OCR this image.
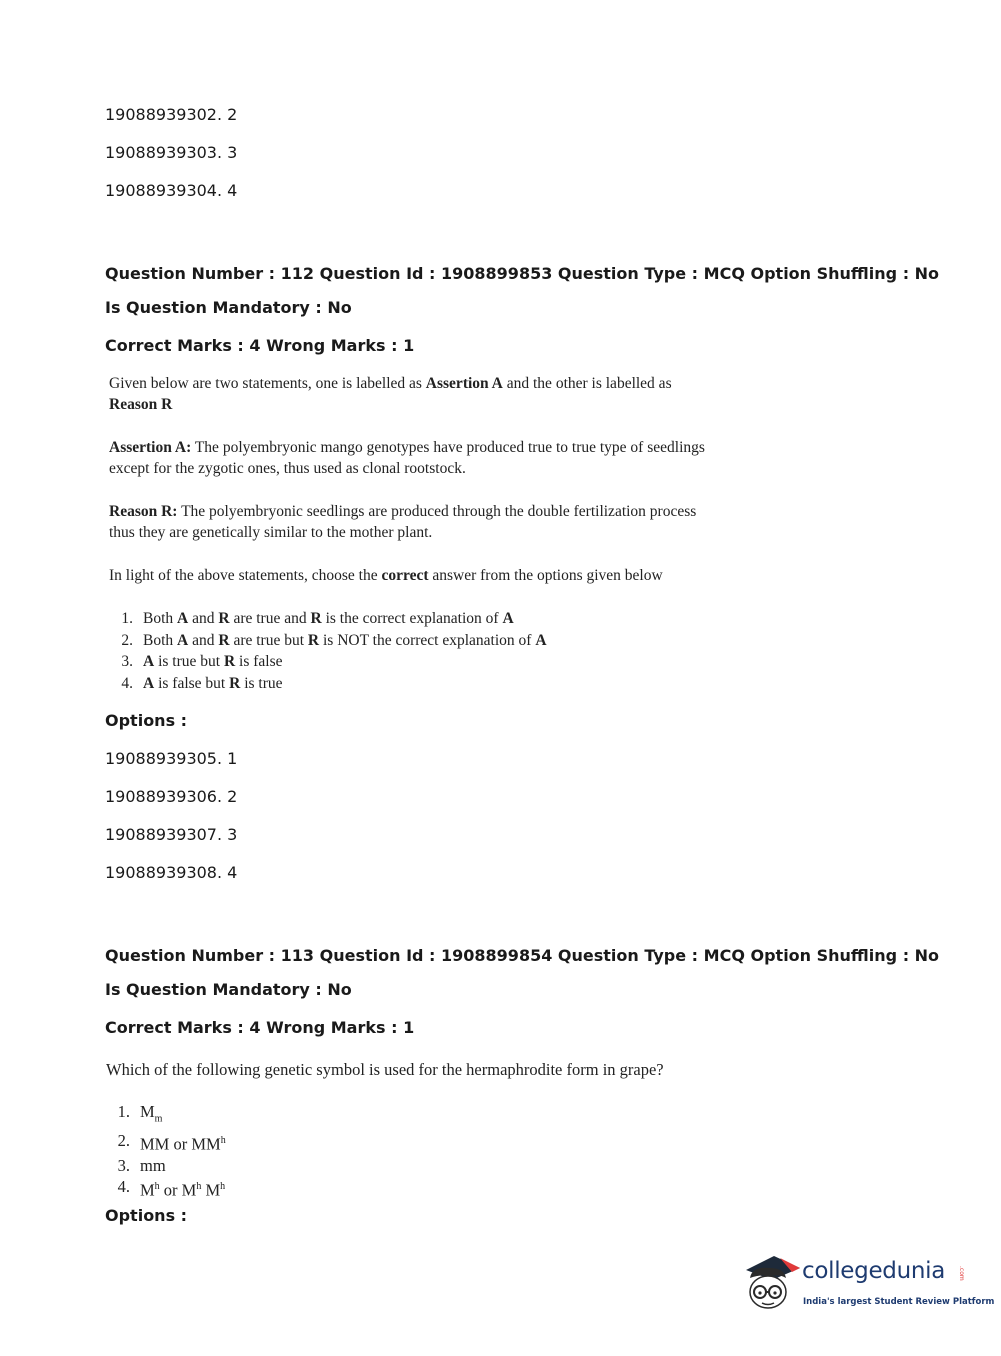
19088939302. 2
19088939303. 3
19088939304. 4
Question Number : 112 Question Id : 1908899853 Question Type : MCQ Option Shuffling : No
Is Question Mandatory : No
Correct Marks : 4 Wrong Marks : 1

Given below are two statements, one is labelled as Assertion A and the other is labelled as
Reason R

Assertion A: The polyembryonic mango genotypes have produced true to true type of seedlings
except for the zygotic ones, thus used as clonal rootstock.

Reason R: The polyembryonic seedlings are produced through the double fertilization process
thus they are genetically similar to the mother plant.

In light of the above statements, choose the correct answer from the options given below

1. Both A and R are true and R is the correct explanation of A
2. Both A and R are true but R is NOT the correct explanation of A
3. A is true but R is false
4. A is false but R is true
Options :
19088939305. 1
19088939306. 2
19088939307. 3
19088939308. 4
Question Number : 113 Question Id : 1908899854 Question Type : MCQ Option Shuffling : No
Is Question Mandatory : No
Correct Marks : 4 Wrong Marks : 1

Which of the following genetic symbol is used for the hermaphrodite form in grape?

1. $M_m$
2. MM or $MM^h$
3. mm
4. $M^h$ or $M^h$ $M^h$
Options :
collegedunia .com
India's largest Student Review Platform
